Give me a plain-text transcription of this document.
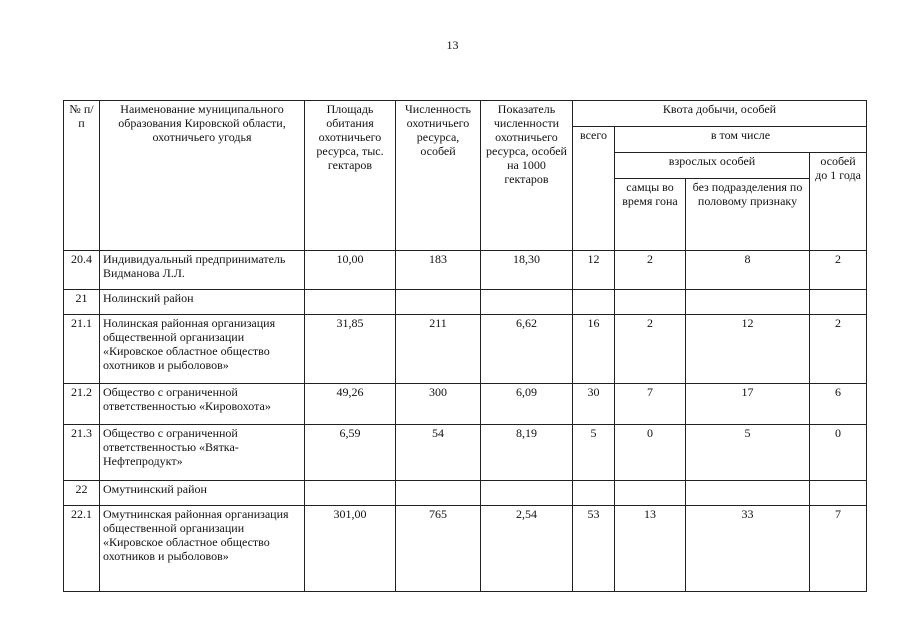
13
№ п/п	Наименование муниципального образования Кировской области, охотничьего угодья	Площадь обитания охотничьего ресурса, тыс. гектаров	Численность охотничьего ресурса, особей	Показатель численности охотничьего ресурса, особей на 1000 гектаров	Квота добычи, особей			
					всего	в том числе		
						взрослых особей		особей до 1 года
						самцы во время гона	без подразделения по половому признаку	
20.4	Индивидуальный предприниматель Видманова Л.Л.	10,00	183	18,30	12	2	8	2
21	Нолинский район							
21.1	Нолинская районная организация общественной организации «Кировское областное общество охотников и рыболовов»	31,85	211	6,62	16	2	12	2
21.2	Общество с ограниченной ответственностью «Кировохота»	49,26	300	6,09	30	7	17	6
21.3	Общество с ограниченной ответственностью «Вятка-Нефтепродукт»	6,59	54	8,19	5	0	5	0
22	Омутнинский район							
22.1	Омутнинская районная организация общественной организации «Кировское областное общество охотников и рыболовов»	301,00	765	2,54	53	13	33	7
